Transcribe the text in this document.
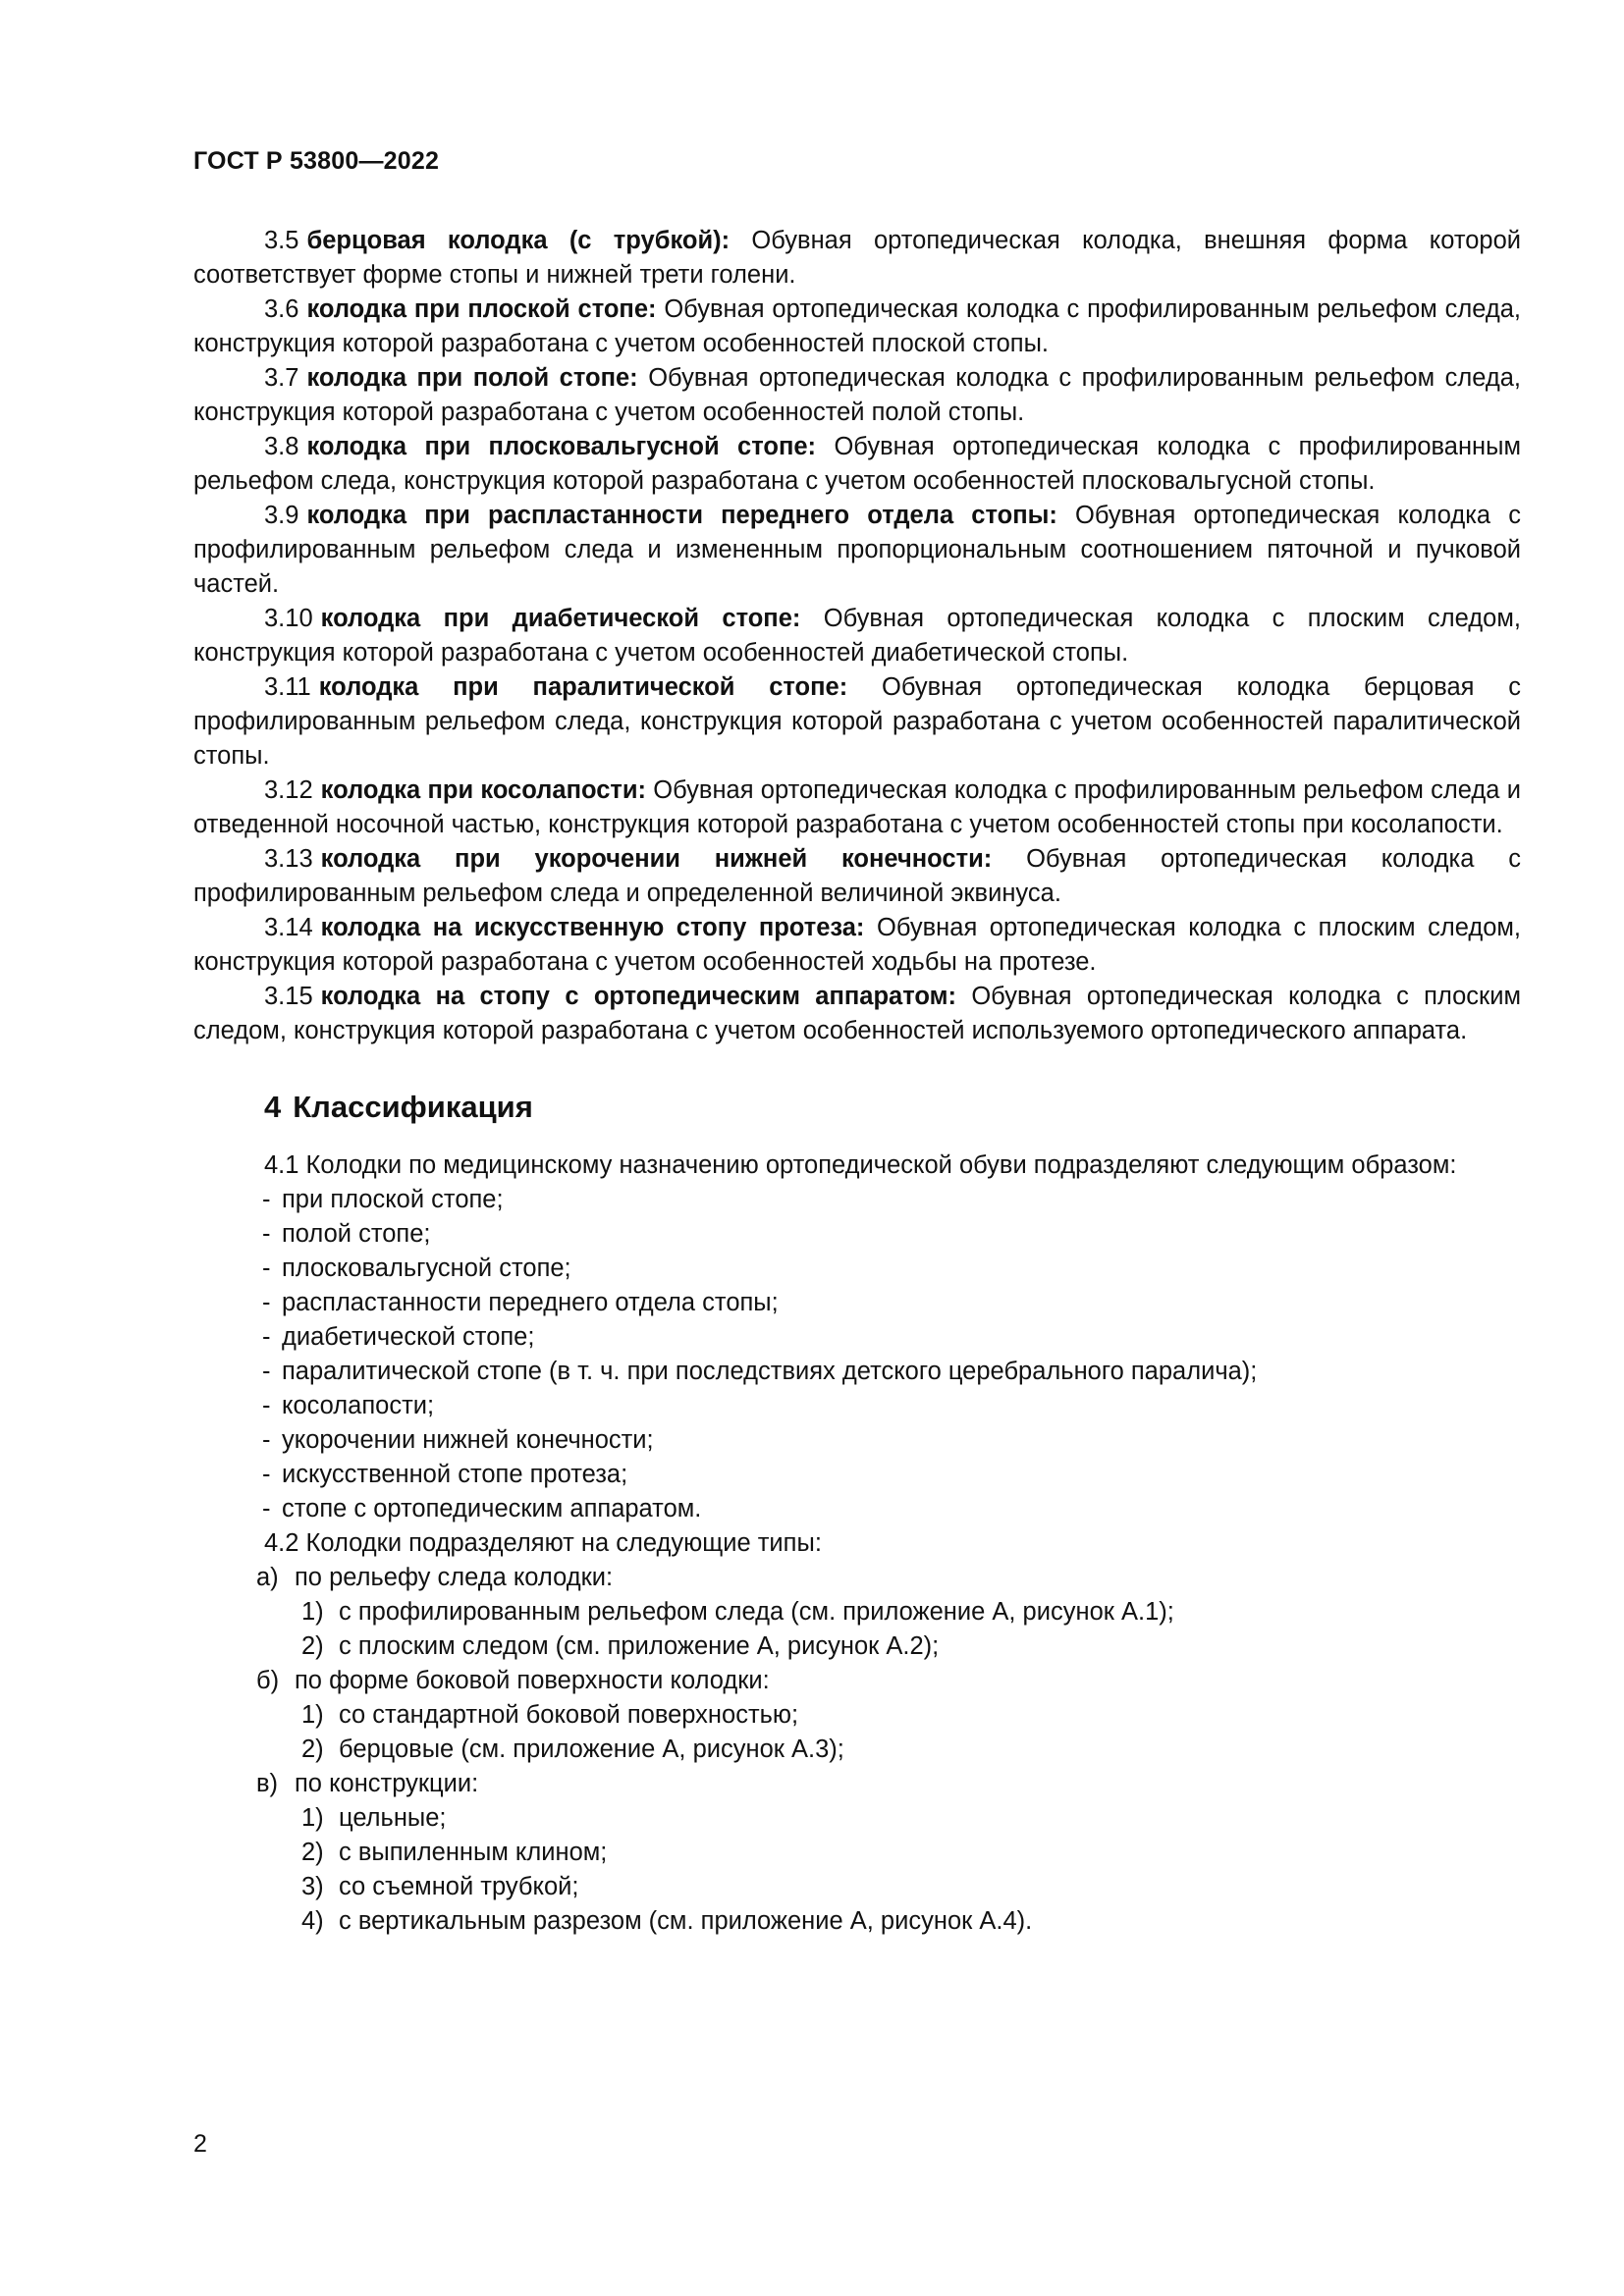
ГОСТ Р 53800—2022

3.5 берцовая колодка (с трубкой): Обувная ортопедическая колодка, внешняя форма которой соответствует форме стопы и нижней трети голени.

3.6 колодка при плоской стопе: Обувная ортопедическая колодка с профилированным рельефом следа, конструкция которой разработана с учетом особенностей плоской стопы.

3.7 колодка при полой стопе: Обувная ортопедическая колодка с профилированным рельефом следа, конструкция которой разработана с учетом особенностей полой стопы.

3.8 колодка при плосковальгусной стопе: Обувная ортопедическая колодка с профилированным рельефом следа, конструкция которой разработана с учетом особенностей плосковальгусной стопы.

3.9 колодка при распластанности переднего отдела стопы: Обувная ортопедическая колодка с профилированным рельефом следа и измененным пропорциональным соотношением пяточной и пучковой частей.

3.10 колодка при диабетической стопе: Обувная ортопедическая колодка с плоским следом, конструкция которой разработана с учетом особенностей диабетической стопы.

3.11 колодка при паралитической стопе: Обувная ортопедическая колодка берцовая с профилированным рельефом следа, конструкция которой разработана с учетом особенностей паралитической стопы.

3.12 колодка при косолапости: Обувная ортопедическая колодка с профилированным рельефом следа и отведенной носочной частью, конструкция которой разработана с учетом особенностей стопы при косолапости.

3.13 колодка при укорочении нижней конечности: Обувная ортопедическая колодка с профилированным рельефом следа и определенной величиной эквинуса.

3.14 колодка на искусственную стопу протеза: Обувная ортопедическая колодка с плоским следом, конструкция которой разработана с учетом особенностей ходьбы на протезе.

3.15 колодка на стопу с ортопедическим аппаратом: Обувная ортопедическая колодка с плоским следом, конструкция которой разработана с учетом особенностей используемого ортопедического аппарата.

4 Классификация

4.1 Колодки по медицинскому назначению ортопедической обуви подразделяют следующим образом:

- при плоской стопе;
- полой стопе;
- плосковальгусной стопе;
- распластанности переднего отдела стопы;
- диабетической стопе;
- паралитической стопе (в т. ч. при последствиях детского церебрального паралича);
- косолапости;
- укорочении нижней конечности;
- искусственной стопе протеза;
- стопе с ортопедическим аппаратом.
4.2 Колодки подразделяют на следующие типы:
а) по рельефу следа колодки:
1) с профилированным рельефом следа (см. приложение А, рисунок А.1);
2) с плоским следом (см. приложение А, рисунок А.2);
б) по форме боковой поверхности колодки:
1) со стандартной боковой поверхностью;
2) берцовые (см. приложение А, рисунок А.3);
в) по конструкции:
1) цельные;
2) с выпиленным клином;
3) со съемной трубкой;
4) с вертикальным разрезом (см. приложение А, рисунок А.4).
2
